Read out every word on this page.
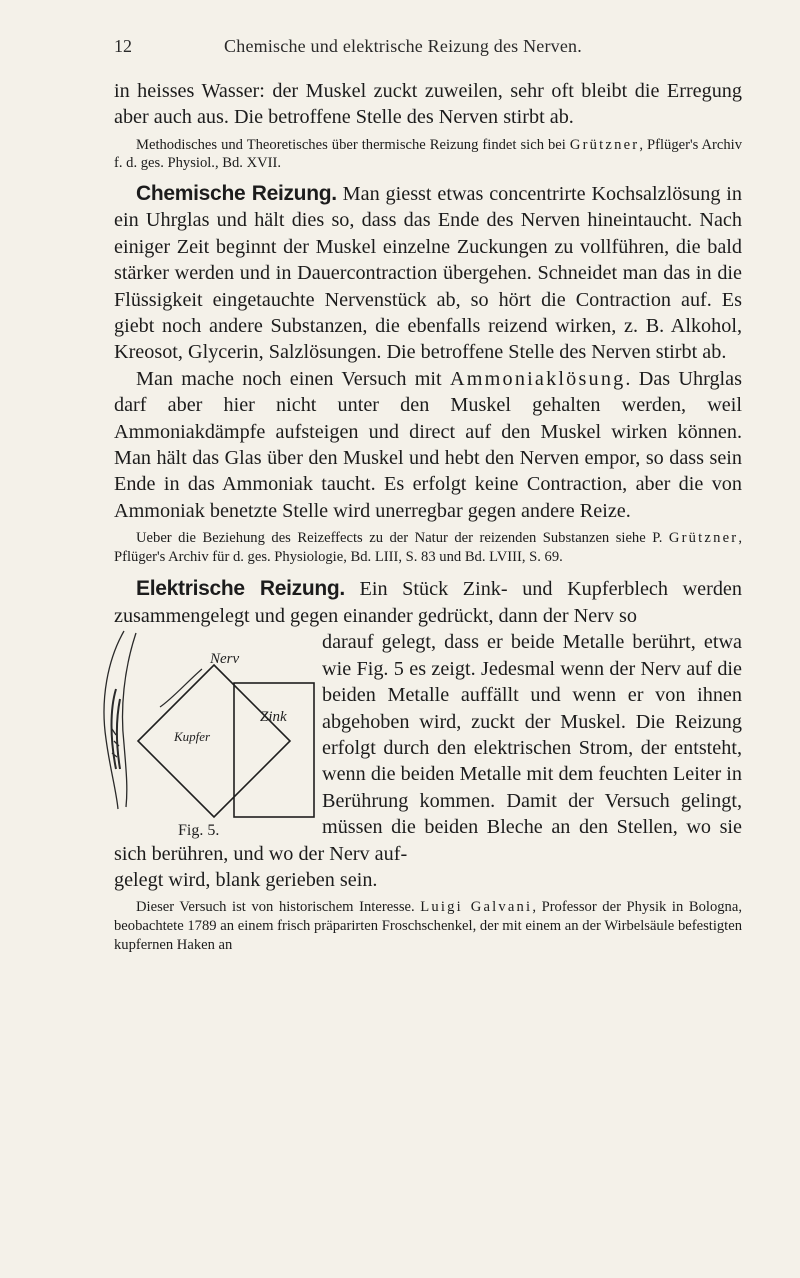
12	Chemische und elektrische Reizung des Nerven.

in heisses Wasser: der Muskel zuckt zuweilen, sehr oft bleibt die Erregung aber auch aus. Die betroffene Stelle des Nerven stirbt ab.

Methodisches und Theoretisches über thermische Reizung findet sich bei Grützner, Pflüger's Archiv f. d. ges. Physiol., Bd. XVII.

Chemische Reizung. Man giesst etwas concentrirte Kochsalzlösung in ein Uhrglas und hält dies so, dass das Ende des Nerven hineintaucht. Nach einiger Zeit beginnt der Muskel einzelne Zuckungen zu vollführen, die bald stärker werden und in Dauercontraction übergehen. Schneidet man das in die Flüssigkeit eingetauchte Nervenstück ab, so hört die Contraction auf. Es giebt noch andere Substanzen, die ebenfalls reizend wirken, z. B. Alkohol, Kreosot, Glycerin, Salzlösungen. Die betroffene Stelle des Nerven stirbt ab.

Man mache noch einen Versuch mit Ammoniaklösung. Das Uhrglas darf aber hier nicht unter den Muskel gehalten werden, weil Ammoniakdämpfe aufsteigen und direct auf den Muskel wirken können. Man hält das Glas über den Muskel und hebt den Nerven empor, so dass sein Ende in das Ammoniak taucht. Es erfolgt keine Contraction, aber die von Ammoniak benetzte Stelle wird unerregbar gegen andere Reize.

Ueber die Beziehung des Reizeffects zu der Natur der reizenden Substanzen siehe P. Grützner, Pflüger's Archiv für d. ges. Physiologie, Bd. LIII, S. 83 und Bd. LVIII, S. 69.

Elektrische Reizung. Ein Stück Zink- und Kupferblech werden zusammengelegt und gegen einander gedrückt, dann der Nerv so

Nerv
Zink
Kupfer
Fig. 5.

darauf gelegt, dass er beide Metalle berührt, etwa wie Fig. 5 es zeigt. Jedesmal wenn der Nerv auf die beiden Metalle auffällt und wenn er von ihnen abgehoben wird, zuckt der Muskel. Die Reizung erfolgt durch den elektrischen Strom, der entsteht, wenn die beiden Metalle mit dem feuchten Leiter in Berührung kommen. Damit der Versuch gelingt, müssen die beiden Bleche an den Stellen, wo sie sich berühren, und wo der Nerv auf-

gelegt wird, blank gerieben sein.

Dieser Versuch ist von historischem Interesse. Luigi Galvani, Professor der Physik in Bologna, beobachtete 1789 an einem frisch präparirten Froschschenkel, der mit einem an der Wirbelsäule befestigten kupfernen Haken an
